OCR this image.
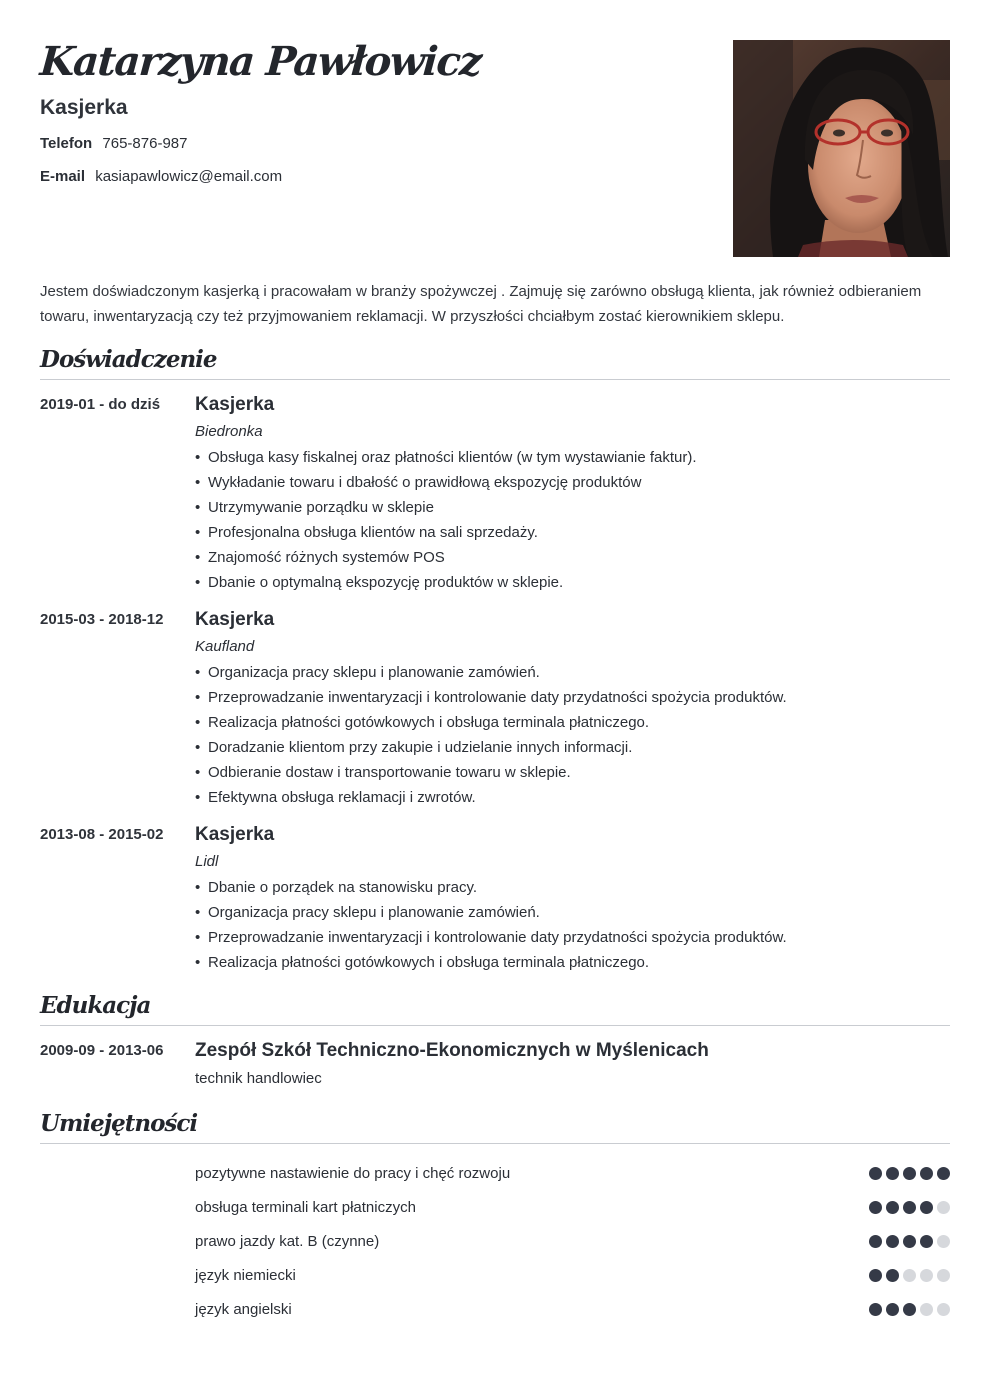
Katarzyna Pawłowicz
Kasjerka
Telefon 765-876-987
E-mail kasiapawlowicz@email.com
Jestem doświadczonym kasjerką i pracowałam w branży spożywczej . Zajmuję się zarówno obsługą klienta, jak również odbieraniem towaru, inwentaryzacją czy też przyjmowaniem reklamacji. W przyszłości chciałbym zostać kierownikiem sklepu.
Doświadczenie
2019-01 - do dziś	Kasjerka
Biedronka
• Obsługa kasy fiskalnej oraz płatności klientów (w tym wystawianie faktur).
• Wykładanie towaru i dbałość o prawidłową ekspozycję produktów
• Utrzymywanie porządku w sklepie
• Profesjonalna obsługa klientów na sali sprzedaży.
• Znajomość różnych systemów POS
• Dbanie o optymalną ekspozycję produktów w sklepie.
2015-03 - 2018-12	Kasjerka
Kaufland
• Organizacja pracy sklepu i planowanie zamówień.
• Przeprowadzanie inwentaryzacji i kontrolowanie daty przydatności spożycia produktów.
• Realizacja płatności gotówkowych i obsługa terminala płatniczego.
• Doradzanie klientom przy zakupie i udzielanie innych informacji.
• Odbieranie dostaw i transportowanie towaru w sklepie.
• Efektywna obsługa reklamacji i zwrotów.
2013-08 - 2015-02	Kasjerka
Lidl
• Dbanie o porządek na stanowisku pracy.
• Organizacja pracy sklepu i planowanie zamówień.
• Przeprowadzanie inwentaryzacji i kontrolowanie daty przydatności spożycia produktów.
• Realizacja płatności gotówkowych i obsługa terminala płatniczego.
Edukacja
2009-09 - 2013-06	Zespół Szkół Techniczno-Ekonomicznych w Myślenicach
technik handlowiec
Umiejętności
pozytywne nastawienie do pracy i chęć rozwoju
obsługa terminali kart płatniczych
prawo jazdy kat. B (czynne)
język niemiecki
język angielski
